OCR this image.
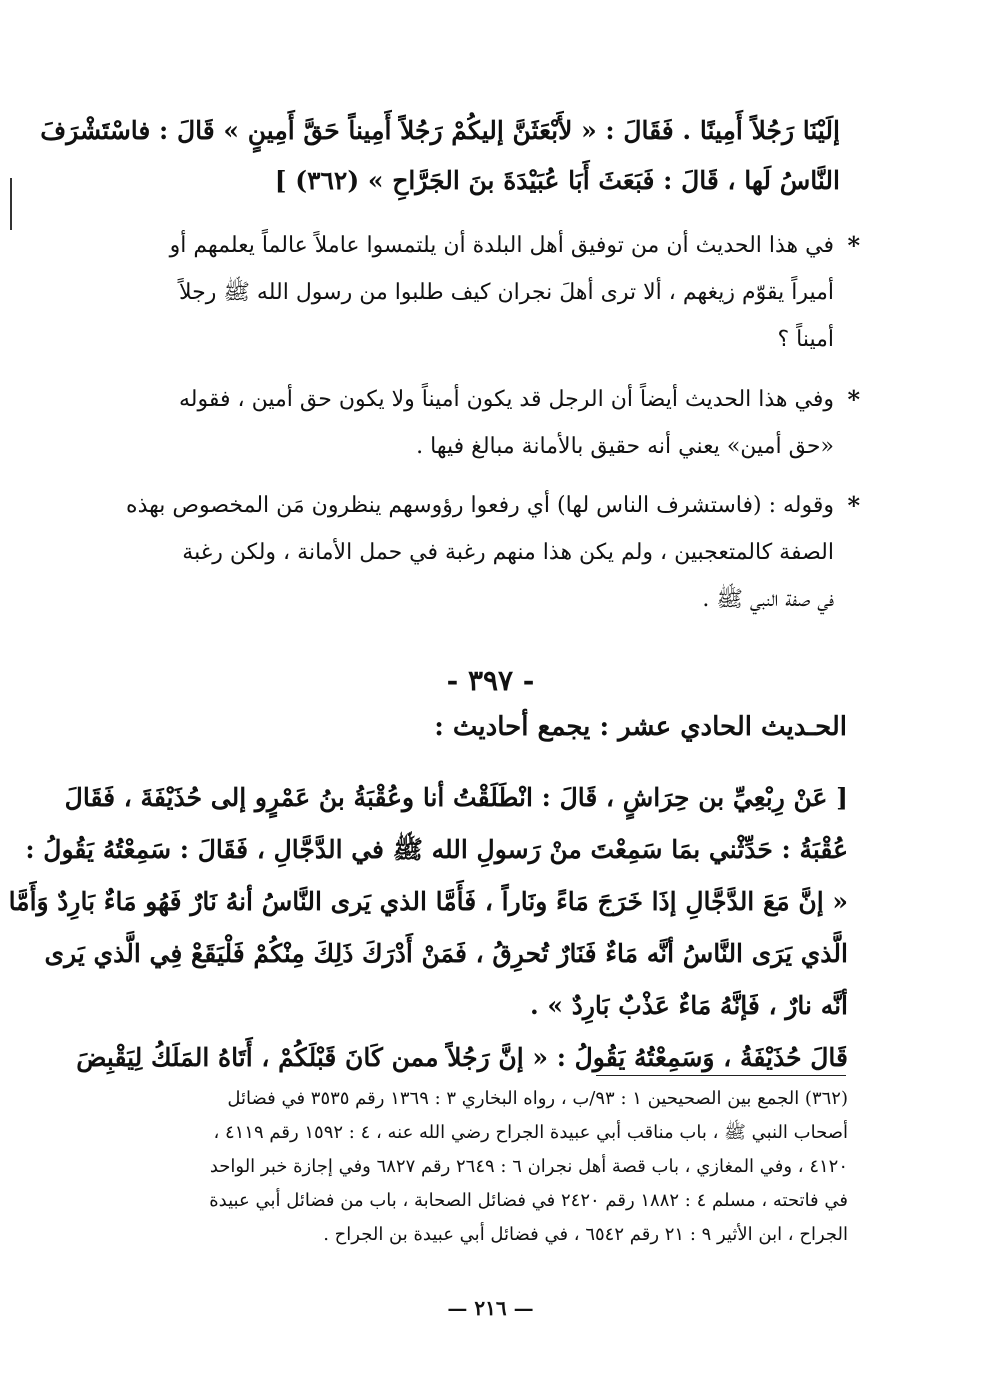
إلَيْنَا رَجُلاً أَمِينًا . فَقَالَ : « لأَبْعَثَنَّ إليكُمْ رَجُلاً أَمِيناً حَقَّ أَمِينٍ » قَالَ : فاسْتَشْرَفَ
النَّاسُ لَها ، قَالَ : فَبَعَثَ أَبَا عُبَيْدَةَ بنَ الجَرَّاحِ » (٣٦٢) ]
*
في هذا الحديث أن من توفيق أهل البلدة أن يلتمسوا عاملاً عالماً يعلمهم أو
أميراً يقوّم زيغهم ، ألا ترى أهلَ نجران كيف طلبوا من رسول الله ﷺ رجلاً
أميناً ؟
*
وفي هذا الحديث أيضاً أن الرجل قد يكون أميناً ولا يكون حق أمين ، فقوله
«حق أمين» يعني أنه حقيق بالأمانة مبالغ فيها .
*
وقوله : (فاستشرف الناس لها) أي رفعوا رؤوسهم ينظرون مَن المخصوص بهذه
الصفة كالمتعجبين ، ولم يكن هذا منهم رغبة في حمل الأمانة ، ولكن رغبة
في صفة النبي ﷺ .
- ٣٩٧ -
الحـديث الحادي عشر : يجمع أحاديث :
[ عَنْ رِبْعِيِّ بن حِرَاشٍ ، قَالَ : انْطَلَقْتُ أنا وعُقْبَةُ بنُ عَمْرٍو إلى حُذَيْفَةَ ، فَقَالَ
عُقْبَةُ : حَدِّثْني بمَا سَمِعْتَ منْ رَسولِ الله ﷺ في الدَّجَّالِ ، فَقَالَ : سَمِعْتُهُ يَقُولُ :
« إنَّ مَعَ الدَّجَّالِ إذَا خَرَجَ مَاءً ونَاراً ، فَأَمَّا الذي يَرى النَّاسُ أنهُ نَارٌ فَهُو مَاءٌ بَارِدٌ وَأَمَّا
الَّذي يَرَى النَّاسُ أنَّه مَاءٌ فَنَارٌ تُحرِقُ ، فَمَنْ أَدْرَكَ ذَلِكَ مِنْكُمْ فَلْيَقَعْ فِي الَّذي يَرى
أنَّه نارٌ ، فَإنَّهُ مَاءٌ عَذْبٌ بَارِدٌ » .
قَالَ حُذَيْفَةُ ، وَسَمِعْتُهُ يَقُولُ : « إنَّ رَجُلاً ممن كَانَ قَبْلَكُمْ ، أَتَاهُ المَلَكُ لِيَقْبِضَ
(٣٦٢) الجمع بين الصحيحين ١ : ٩٣/ب ، رواه البخاري ٣ : ١٣٦٩ رقم ٣٥٣٥ في فضائل
أصحاب النبي ﷺ ، باب مناقب أبي عبيدة الجراح رضي الله عنه ، ٤ : ١٥٩٢ رقم ٤١١٩ ،
٤١٢٠ ، وفي المغازي ، باب قصة أهل نجران ٦ : ٢٦٤٩ رقم ٦٨٢٧ وفي إجازة خبر الواحد
في فاتحته ، مسلم ٤ : ١٨٨٢ رقم ٢٤٢٠ في فضائل الصحابة ، باب من فضائل أبي عبيدة
الجراح ، ابن الأثير ٩ : ٢١ رقم ٦٥٤٢ ، في فضائل أبي عبيدة بن الجراح .
— ٢١٦ —
